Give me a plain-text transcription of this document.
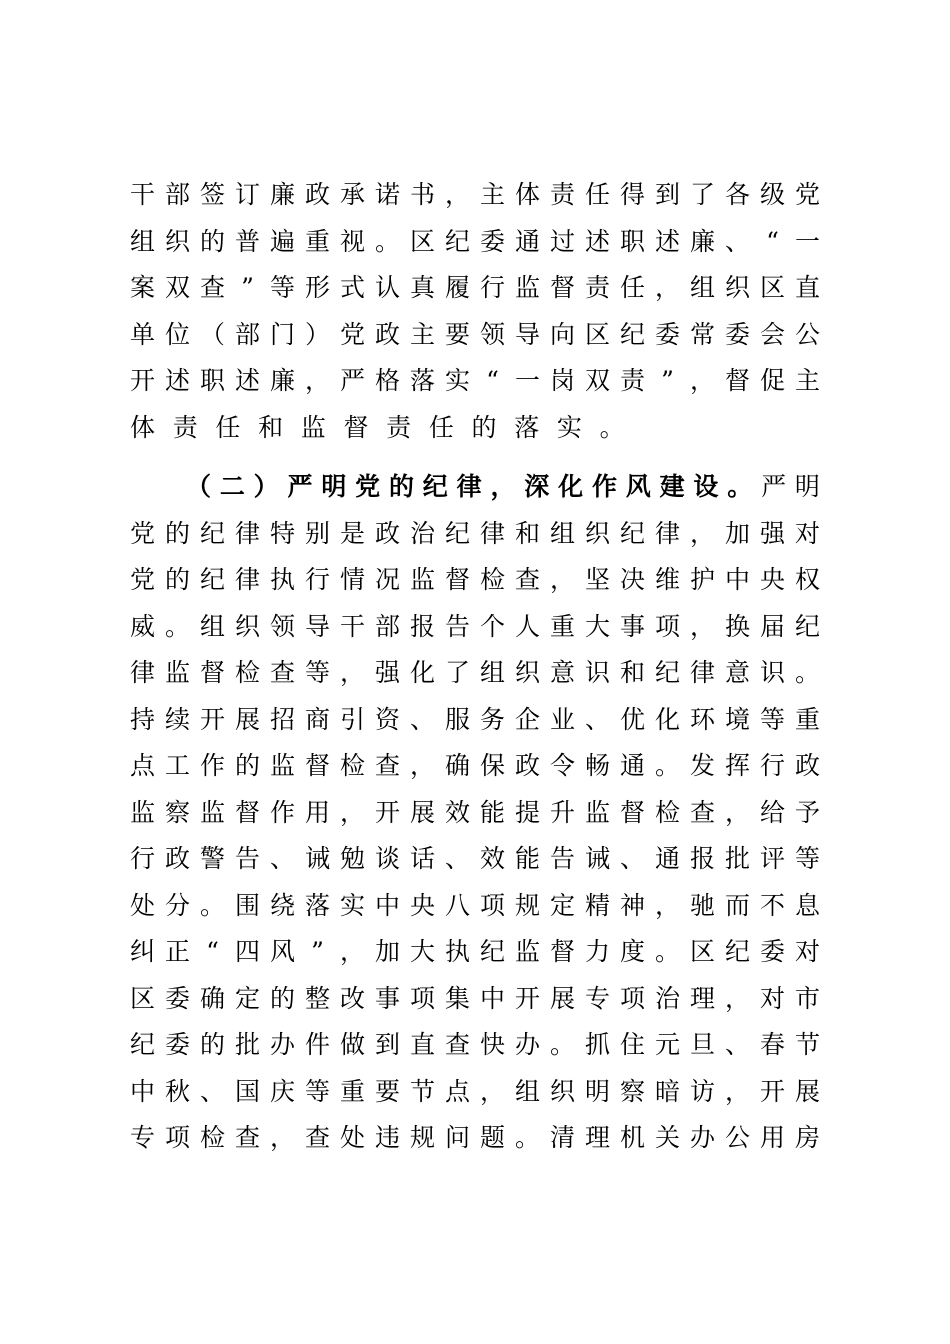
干 部 签 订 廉 政 承 诺 书 ， 主 体 责 任 得 到 了 各 级 党
组 织 的 普 遍 重 视 。 区 纪 委 通 过 述 职 述 廉 、 “ 一
案 双 查 ” 等 形 式 认 真 履 行 监 督 责 任 ， 组 织 区 直
单 位 （ 部 门 ） 党 政 主 要 领 导 向 区 纪 委 常 委 会 公
开 述 职 述 廉 ， 严 格 落 实 “ 一 岗 双 责 ” ， 督 促 主
体 责 任 和 监 督 责 任 的 落 实 。
（ 二 ） 严 明 党 的 纪 律 ， 深 化 作 风 建 设 。 严 明
党 的 纪 律 特 别 是 政 治 纪 律 和 组 织 纪 律 ， 加 强 对
党 的 纪 律 执 行 情 况 监 督 检 查 ， 坚 决 维 护 中 央 权
威 。 组 织 领 导 干 部 报 告 个 人 重 大 事 项 ， 换 届 纪
律 监 督 检 查 等 ， 强 化 了 组 织 意 识 和 纪 律 意 识 。
持 续 开 展 招 商 引 资 、 服 务 企 业 、 优 化 环 境 等 重
点 工 作 的 监 督 检 查 ， 确 保 政 令 畅 通 。 发 挥 行 政
监 察 监 督 作 用 ， 开 展 效 能 提 升 监 督 检 查 ， 给 予
行 政 警 告 、 诫 勉 谈 话 、 效 能 告 诫 、 通 报 批 评 等
处 分 。 围 绕 落 实 中 央 八 项 规 定 精 神 ， 驰 而 不 息
纠 正 “ 四 风 ” ， 加 大 执 纪 监 督 力 度 。 区 纪 委 对
区 委 确 定 的 整 改 事 项 集 中 开 展 专 项 治 理 ， 对 市
纪 委 的 批 办 件 做 到 直 查 快 办 。 抓 住 元 旦 、 春 节
中 秋 、 国 庆 等 重 要 节 点 ， 组 织 明 察 暗 访 ， 开 展
专 项 检 查 ， 查 处 违 规 问 题 。 清 理 机 关 办 公 用 房
